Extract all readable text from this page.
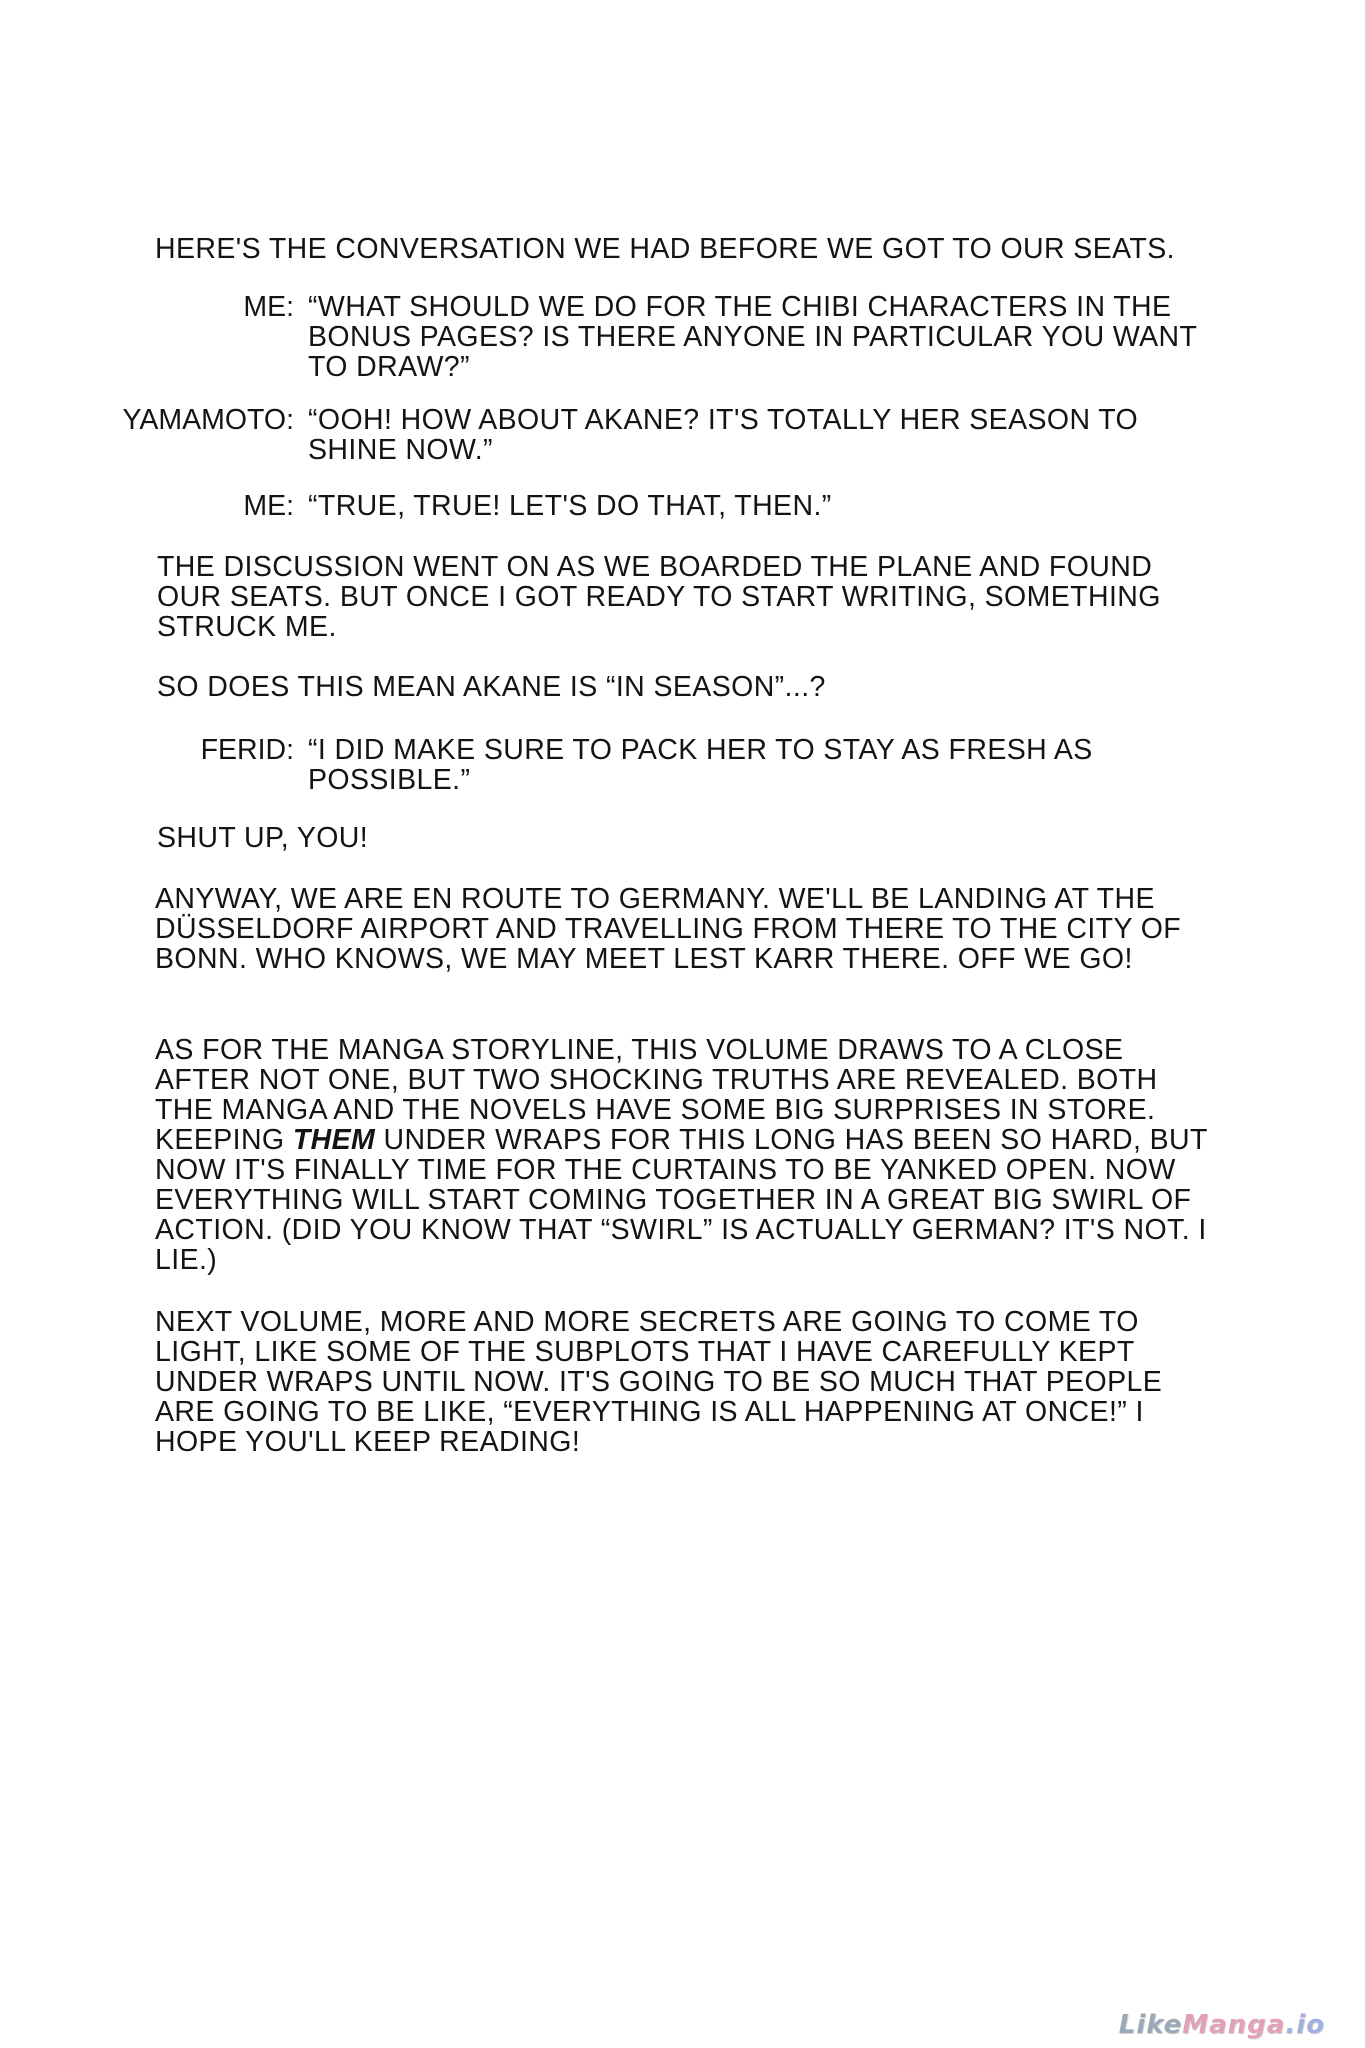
HERE'S THE CONVERSATION WE HAD BEFORE WE GOT TO OUR SEATS.

ME: “WHAT SHOULD WE DO FOR THE CHIBI CHARACTERS IN THE BONUS PAGES? IS THERE ANYONE IN PARTICULAR YOU WANT TO DRAW?”
YAMAMOTO: “OOH! HOW ABOUT AKANE? IT'S TOTALLY HER SEASON TO SHINE NOW.”
ME: “TRUE, TRUE! LET'S DO THAT, THEN.”

THE DISCUSSION WENT ON AS WE BOARDED THE PLANE AND FOUND OUR SEATS. BUT ONCE I GOT READY TO START WRITING, SOMETHING STRUCK ME.

SO DOES THIS MEAN AKANE IS “IN SEASON”...?

FERID: “I DID MAKE SURE TO PACK HER TO STAY AS FRESH AS POSSIBLE.”

SHUT UP, YOU!

ANYWAY, WE ARE EN ROUTE TO GERMANY. WE'LL BE LANDING AT THE DÜSSELDORF AIRPORT AND TRAVELLING FROM THERE TO THE CITY OF BONN. WHO KNOWS, WE MAY MEET LEST KARR THERE. OFF WE GO!

AS FOR THE MANGA STORYLINE, THIS VOLUME DRAWS TO A CLOSE AFTER NOT ONE, BUT TWO SHOCKING TRUTHS ARE REVEALED. BOTH THE MANGA AND THE NOVELS HAVE SOME BIG SURPRISES IN STORE. KEEPING THEM UNDER WRAPS FOR THIS LONG HAS BEEN SO HARD, BUT NOW IT'S FINALLY TIME FOR THE CURTAINS TO BE YANKED OPEN. NOW EVERYTHING WILL START COMING TOGETHER IN A GREAT BIG SWIRL OF ACTION. (DID YOU KNOW THAT “SWIRL” IS ACTUALLY GERMAN? IT'S NOT. I LIE.)

NEXT VOLUME, MORE AND MORE SECRETS ARE GOING TO COME TO LIGHT, LIKE SOME OF THE SUBPLOTS THAT I HAVE CAREFULLY KEPT UNDER WRAPS UNTIL NOW. IT'S GOING TO BE SO MUCH THAT PEOPLE ARE GOING TO BE LIKE, “EVERYTHING IS ALL HAPPENING AT ONCE!” I HOPE YOU'LL KEEP READING!

LikeManga.io
